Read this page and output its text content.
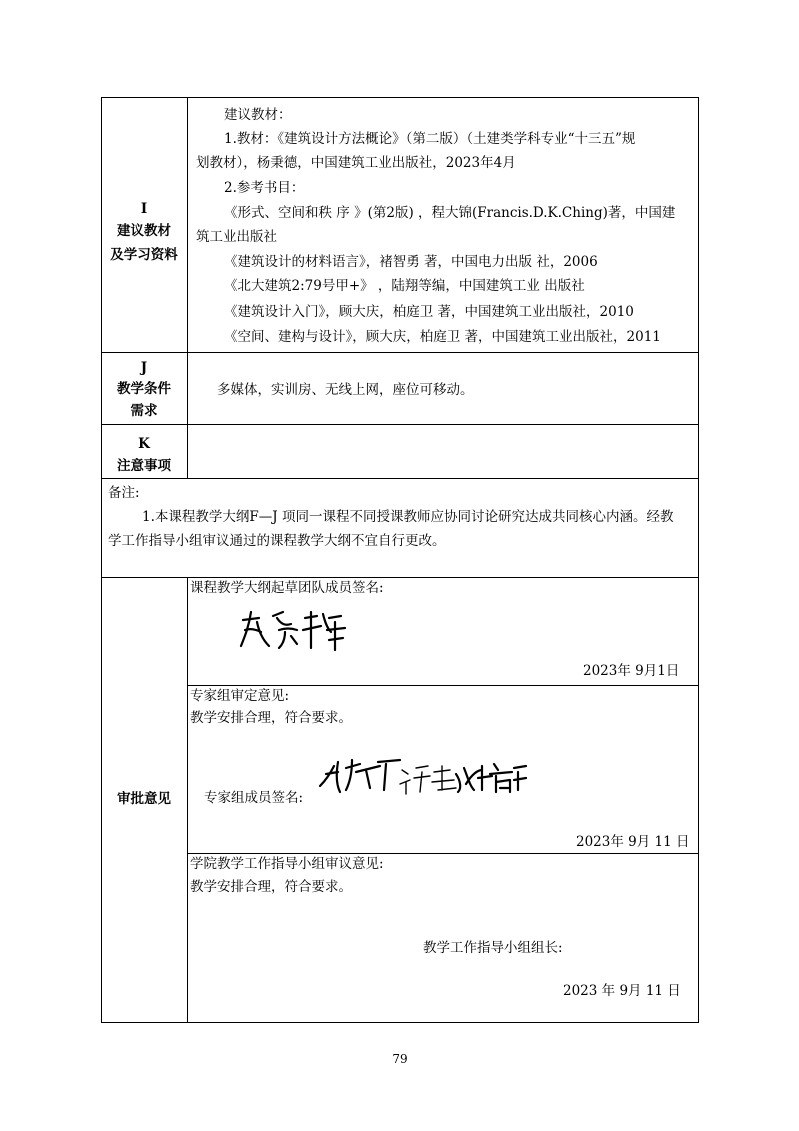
I
建议教材
及学习资料
建议教材：
1.教材：《建筑设计方法概论》（第二版）（土建类学科专业“十三五”规
划教材），杨秉德，中国建筑工业出版社，2023年4月
2.参考书目：
《形式、空间和秩 序 》(第2版) ，程大锦(Francis.D.K.Ching)著，中国建
筑工业出版社
《建筑设计的材料语言》，褚智勇 著，中国电力出版 社，2006
《北大建筑2:79号甲+》 ，陆翔等编，中国建筑工业 出版社
《建筑设计入门》，顾大庆，柏庭卫 著，中国建筑工业出版社，2010
《空间、建构与设计》，顾大庆，柏庭卫 著，中国建筑工业出版社，2011
J
教学条件
需求
多媒体，实训房、无线上网，座位可移动。
K
注意事项
备注:
1.本课程教学大纲F—J 项同一课程不同授课教师应协同讨论研究达成共同核心内涵。经教
学工作指导小组审议通过的课程教学大纲不宜自行更改。
审批意见
课程教学大纲起草团队成员签名:
2023年 9月1日
专家组审定意见:
教学安排合理，符合要求。
专家组成员签名:
2023年 9月 11 日
学院教学工作指导小组审议意见:
教学安排合理，符合要求。
教学工作指导小组组长:
2023 年 9月 11 日
79
